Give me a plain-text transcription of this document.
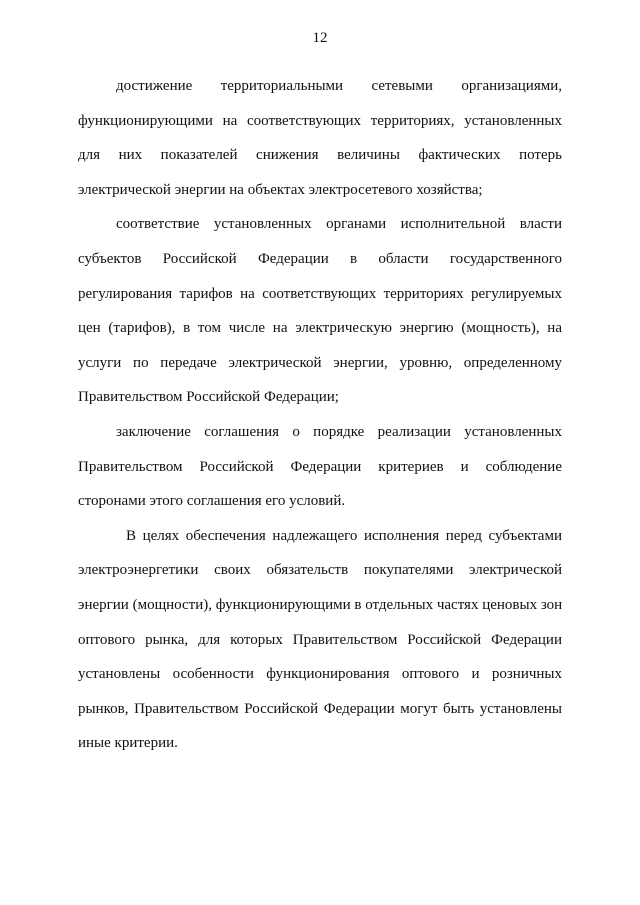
12
достижение территориальными сетевыми организациями,
функционирующими на соответствующих территориях, установленных
для них показателей снижения величины фактических потерь
электрической энергии на объектах электросетевого хозяйства;
соответствие установленных органами исполнительной власти
субъектов Российской Федерации в области государственного
регулирования тарифов на соответствующих территориях регулируемых
цен (тарифов), в том числе на электрическую энергию (мощность), на
услуги по передаче электрической энергии, уровню, определенному
Правительством Российской Федерации;
заключение соглашения о порядке реализации установленных
Правительством Российской Федерации критериев и соблюдение
сторонами этого соглашения его условий.
В целях обеспечения надлежащего исполнения перед субъектами
электроэнергетики своих обязательств покупателями электрической
энергии (мощности), функционирующими в отдельных частях ценовых зон
оптового рынка, для которых Правительством Российской Федерации
установлены особенности функционирования оптового и розничных
рынков, Правительством Российской Федерации могут быть установлены
иные критерии.
